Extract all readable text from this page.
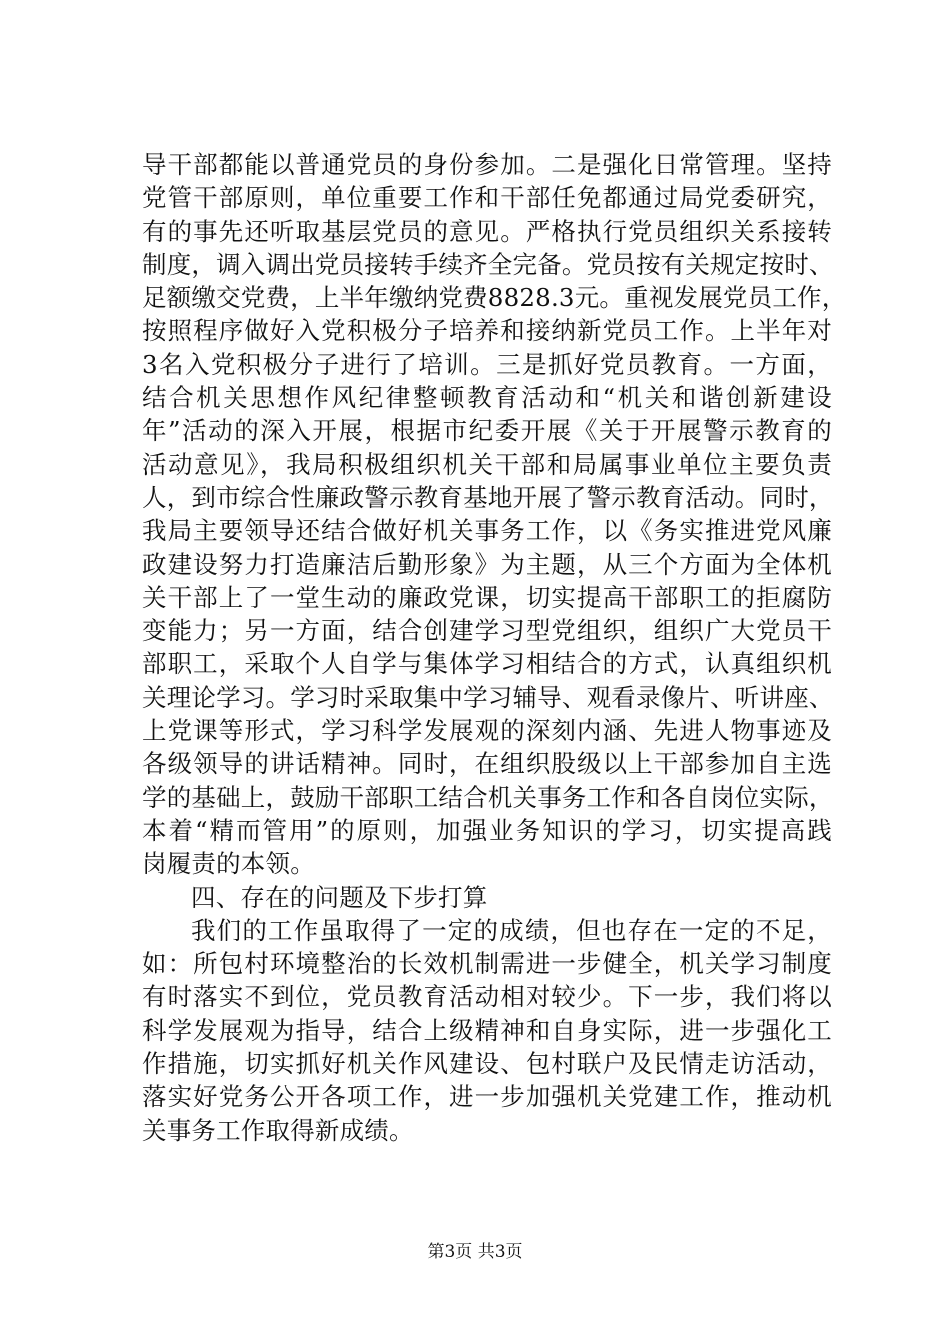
导干部都能以普通党员的身份参加。二是强化日常管理。坚持
党管干部原则，单位重要工作和干部任免都通过局党委研究，
有的事先还听取基层党员的意见。严格执行党员组织关系接转
制度，调入调出党员接转手续齐全完备。党员按有关规定按时、
足额缴交党费，上半年缴纳党费8828.3元。重视发展党员工作，
按照程序做好入党积极分子培养和接纳新党员工作。上半年对
3名入党积极分子进行了培训。三是抓好党员教育。一方面，
结合机关思想作风纪律整顿教育活动和“机关和谐创新建设
年”活动的深入开展，根据市纪委开展《关于开展警示教育的
活动意见》，我局积极组织机关干部和局属事业单位主要负责
人，到市综合性廉政警示教育基地开展了警示教育活动。同时，
我局主要领导还结合做好机关事务工作，以《务实推进党风廉
政建设努力打造廉洁后勤形象》为主题，从三个方面为全体机
关干部上了一堂生动的廉政党课，切实提高干部职工的拒腐防
变能力；另一方面，结合创建学习型党组织，组织广大党员干
部职工，采取个人自学与集体学习相结合的方式，认真组织机
关理论学习。学习时采取集中学习辅导、观看录像片、听讲座、
上党课等形式，学习科学发展观的深刻内涵、先进人物事迹及
各级领导的讲话精神。同时，在组织股级以上干部参加自主选
学的基础上，鼓励干部职工结合机关事务工作和各自岗位实际，
本着“精而管用”的原则，加强业务知识的学习，切实提高践
岗履责的本领。
四、存在的问题及下步打算
我们的工作虽取得了一定的成绩，但也存在一定的不足，
如：所包村环境整治的长效机制需进一步健全，机关学习制度
有时落实不到位，党员教育活动相对较少。下一步，我们将以
科学发展观为指导，结合上级精神和自身实际，进一步强化工
作措施，切实抓好机关作风建设、包村联户及民情走访活动，
落实好党务公开各项工作，进一步加强机关党建工作，推动机
关事务工作取得新成绩。
第3页 共3页
